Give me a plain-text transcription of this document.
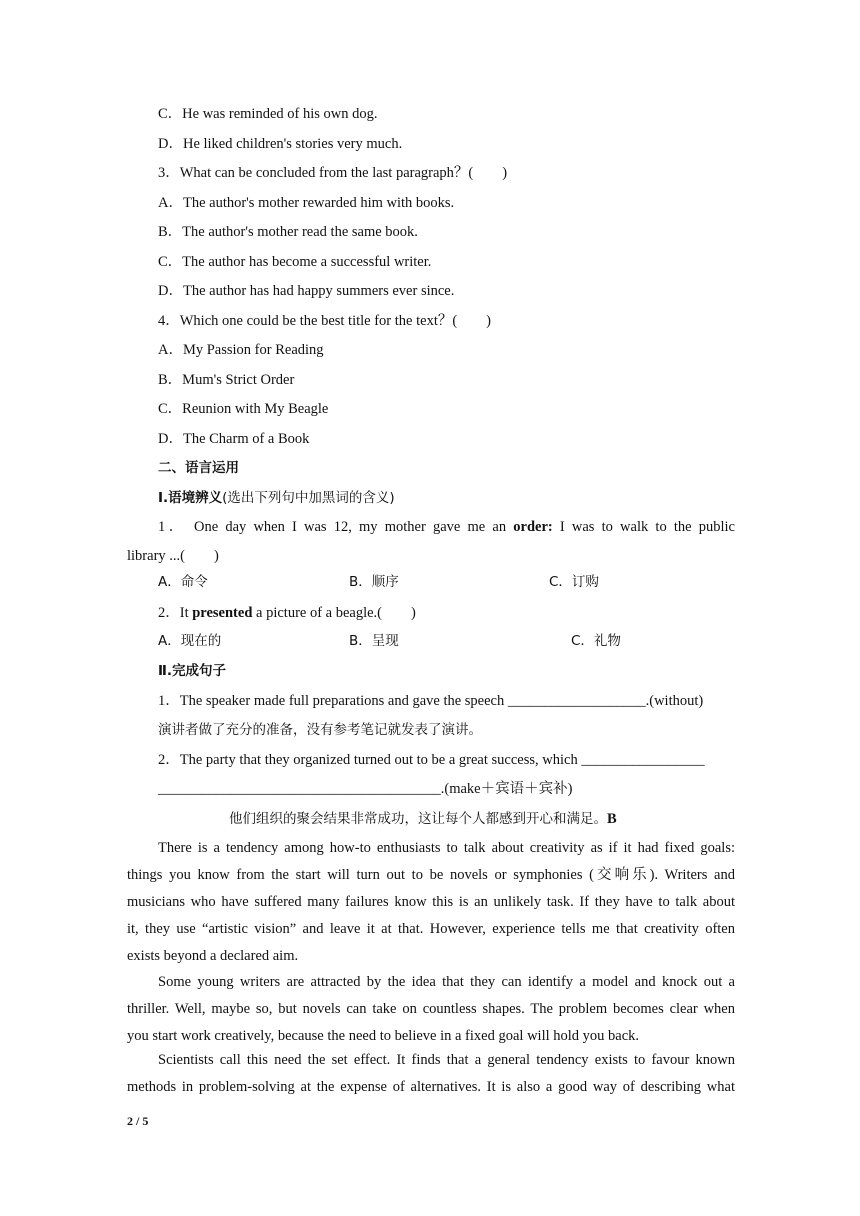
C．He was reminded of his own dog.
D．He liked children's stories very much.
3．What can be concluded from the last paragraph？(　　)
A．The author's mother rewarded him with books.
B．The author's mother read the same book.
C．The author has become a successful writer.
D．The author has had happy summers ever since.
4．Which one could be the best title for the text？(　　)
A．My Passion for Reading
B．Mum's Strict Order
C．Reunion with My Beagle
D．The Charm of a Book
二、语言运用
Ⅰ.语境辨义(选出下列句中加黑词的含义)
1． One day when I was 12, my mother gave me an order: I was to walk to the public
library ...(　　)
A．命令	B．顺序	C．订购
2．It presented a picture of a beagle.(　　)
A．现在的	B．呈现	C．礼物
Ⅱ.完成句子
1．The speaker made full preparations and gave the speech ___________________.(without)
演讲者做了充分的准备，没有参考笔记就发表了演讲。
2．The party that they organized turned out to be a great success, which _________________
_______________________________________.(make＋宾语＋宾补)
他们组织的聚会结果非常成功，这让每个人都感到开心和满足。B
There is a tendency among how-to enthusiasts to talk about creativity as if it had fixed goals:
things you know from the start will turn out to be novels or symphonies (交响乐). Writers and
musicians who have suffered many failures know this is an unlikely task. If they have to talk about
it, they use “artistic vision” and leave it at that. However, experience tells me that creativity often
exists beyond a declared aim.
Some young writers are attracted by the idea that they can identify a model and knock out a
thriller. Well, maybe so, but novels can take on countless shapes. The problem becomes clear when
you start work creatively, because the need to believe in a fixed goal will hold you back.
Scientists call this need the set effect. It finds that a general tendency exists to favour known
methods in problem-solving at the expense of alternatives. It is also a good way of describing what
2 / 5
